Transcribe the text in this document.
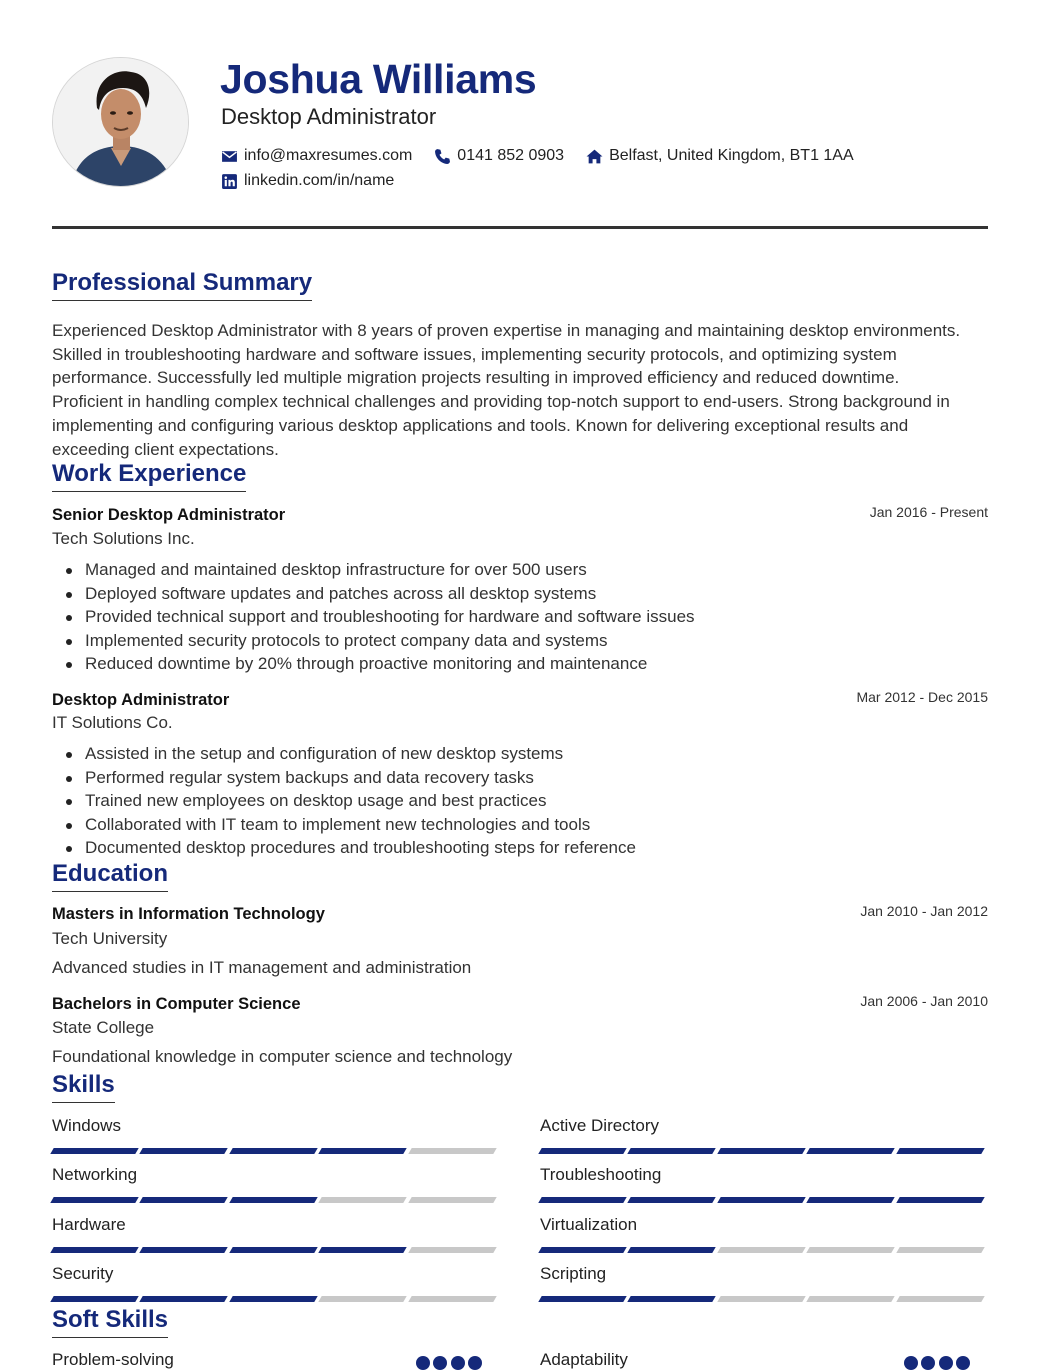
Joshua Williams
Desktop Administrator
info@maxresumes.com	0141 852 0903	Belfast, United Kingdom, BT1 1AA
linkedin.com/in/name
Professional Summary
Experienced Desktop Administrator with 8 years of proven expertise in managing and maintaining desktop environments. Skilled in troubleshooting hardware and software issues, implementing security protocols, and optimizing system performance. Successfully led multiple migration projects resulting in improved efficiency and reduced downtime. Proficient in handling complex technical challenges and providing top-notch support to end-users. Strong background in implementing and configuring various desktop applications and tools. Known for delivering exceptional results and exceeding client expectations.
Work Experience
Senior Desktop Administrator	Jan 2016 - Present
Tech Solutions Inc.
Managed and maintained desktop infrastructure for over 500 users
Deployed software updates and patches across all desktop systems
Provided technical support and troubleshooting for hardware and software issues
Implemented security protocols to protect company data and systems
Reduced downtime by 20% through proactive monitoring and maintenance
Desktop Administrator	Mar 2012 - Dec 2015
IT Solutions Co.
Assisted in the setup and configuration of new desktop systems
Performed regular system backups and data recovery tasks
Trained new employees on desktop usage and best practices
Collaborated with IT team to implement new technologies and tools
Documented desktop procedures and troubleshooting steps for reference
Education
Masters in Information Technology	Jan 2010 - Jan 2012
Tech University
Advanced studies in IT management and administration
Bachelors in Computer Science	Jan 2006 - Jan 2010
State College
Foundational knowledge in computer science and technology
Skills
Soft Skills
Windows	Active Directory
Networking	Troubleshooting
Hardware	Virtualization
Security	Scripting
Problem-solving	Adaptability
